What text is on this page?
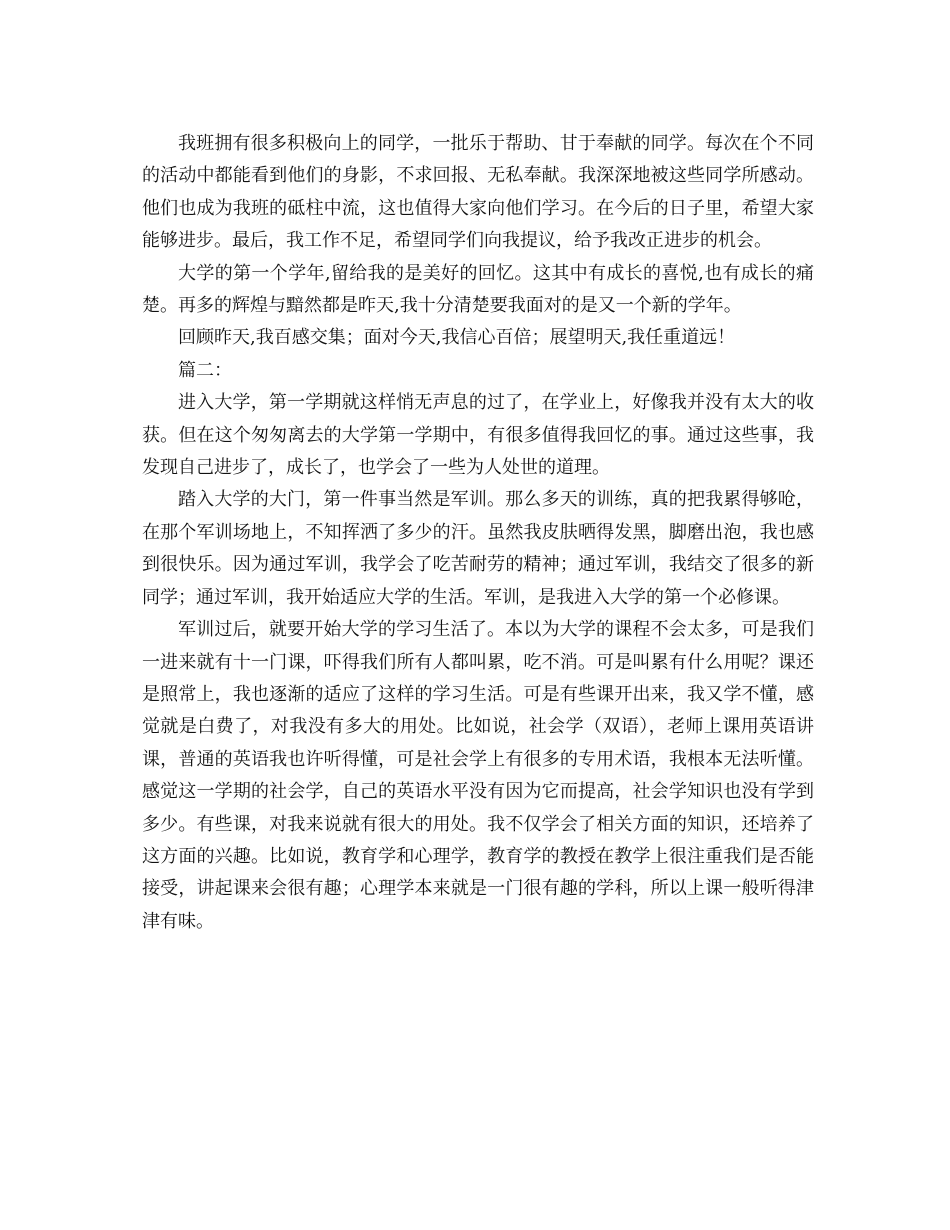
我班拥有很多积极向上的同学，一批乐于帮助、甘于奉献的同学。每次在个不同的活动中都能看到他们的身影，不求回报、无私奉献。我深深地被这些同学所感动。他们也成为我班的砥柱中流，这也值得大家向他们学习。在今后的日子里，希望大家能够进步。最后，我工作不足，希望同学们向我提议，给予我改正进步的机会。

大学的第一个学年,留给我的是美好的回忆。这其中有成长的喜悦,也有成长的痛楚。再多的辉煌与黯然都是昨天,我十分清楚要我面对的是又一个新的学年。

回顾昨天,我百感交集；面对今天,我信心百倍；展望明天,我任重道远！

篇二：

进入大学，第一学期就这样悄无声息的过了，在学业上，好像我并没有太大的收获。但在这个匆匆离去的大学第一学期中，有很多值得我回忆的事。通过这些事，我发现自己进步了，成长了，也学会了一些为人处世的道理。

踏入大学的大门，第一件事当然是军训。那么多天的训练，真的把我累得够呛，在那个军训场地上，不知挥洒了多少的汗。虽然我皮肤晒得发黑，脚磨出泡，我也感到很快乐。因为通过军训，我学会了吃苦耐劳的精神；通过军训，我结交了很多的新同学；通过军训，我开始适应大学的生活。军训，是我进入大学的第一个必修课。

军训过后，就要开始大学的学习生活了。本以为大学的课程不会太多，可是我们一进来就有十一门课，吓得我们所有人都叫累，吃不消。可是叫累有什么用呢？课还是照常上，我也逐渐的适应了这样的学习生活。可是有些课开出来，我又学不懂，感觉就是白费了，对我没有多大的用处。比如说，社会学（双语），老师上课用英语讲课，普通的英语我也许听得懂，可是社会学上有很多的专用术语，我根本无法听懂。感觉这一学期的社会学，自己的英语水平没有因为它而提高，社会学知识也没有学到多少。有些课，对我来说就有很大的用处。我不仅学会了相关方面的知识，还培养了这方面的兴趣。比如说，教育学和心理学，教育学的教授在教学上很注重我们是否能接受，讲起课来会很有趣；心理学本来就是一门很有趣的学科，所以上课一般听得津津有味。
